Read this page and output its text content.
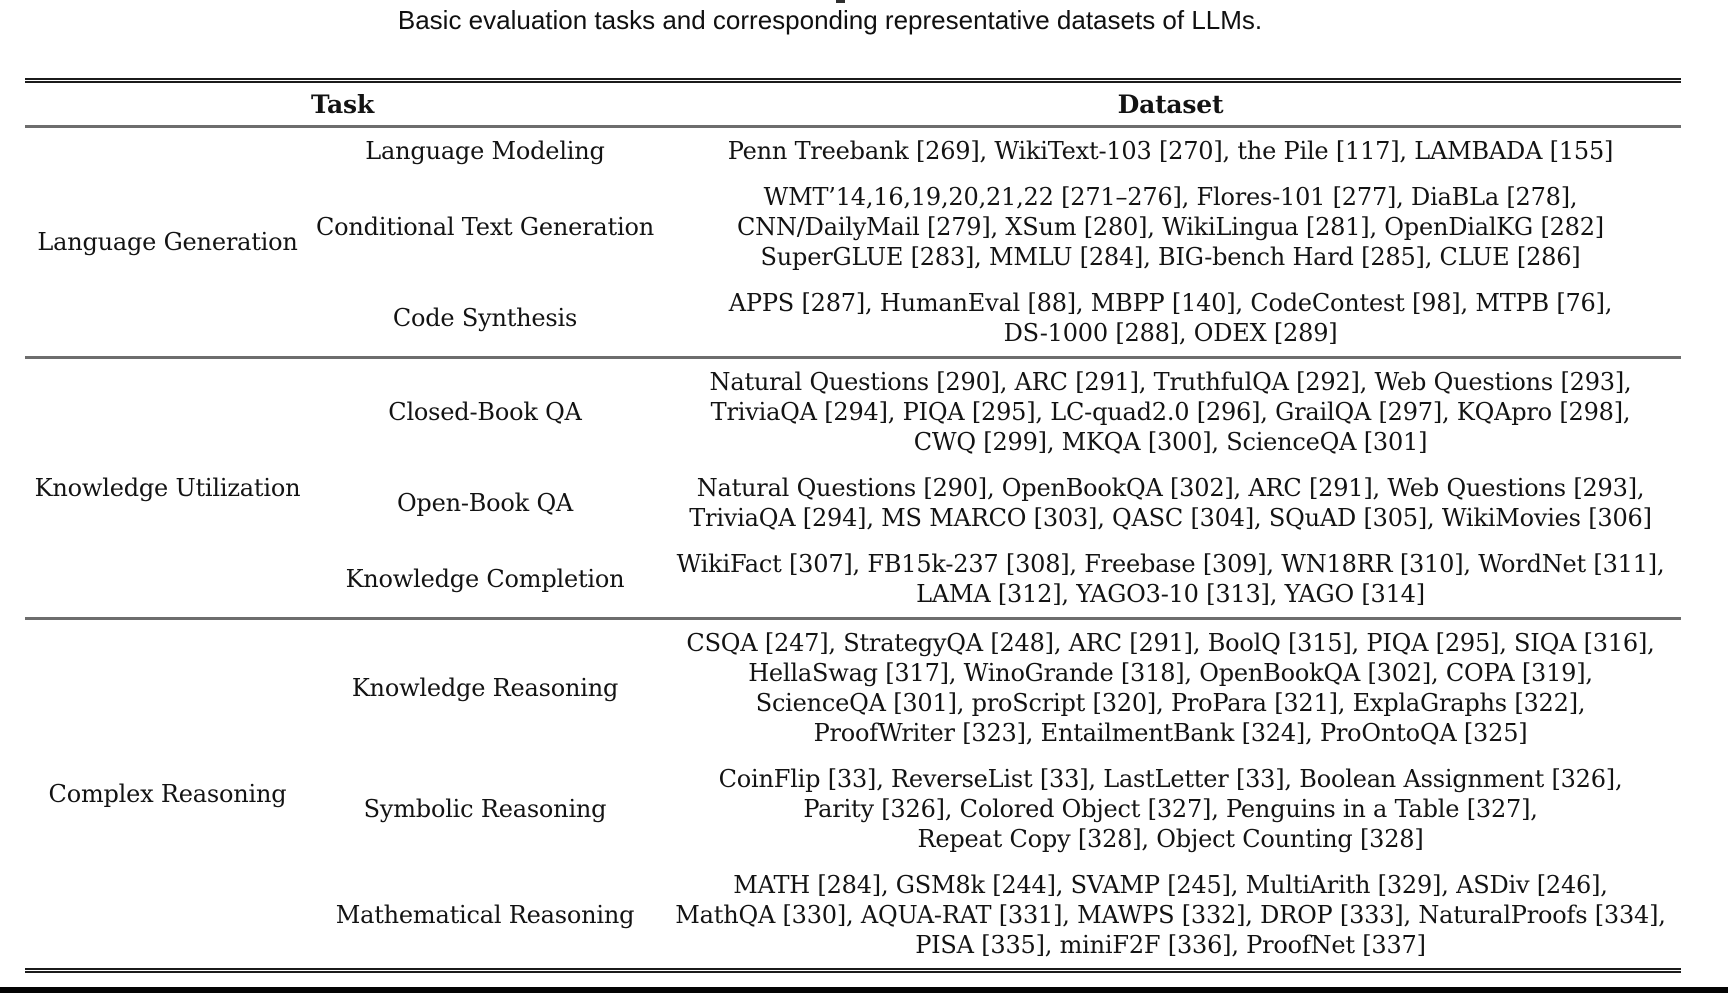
Basic evaluation tasks and corresponding representative datasets of LLMs.
Task	Dataset
Language Generation
Language Modeling	Penn Treebank [269], WikiText-103 [270], the Pile [117], LAMBADA [155]
Conditional Text Generation
WMT’14,16,19,20,21,22 [271–276], Flores-101 [277], DiaBLa [278],
CNN/DailyMail [279], XSum [280], WikiLingua [281], OpenDialKG [282]
SuperGLUE [283], MMLU [284], BIG-bench Hard [285], CLUE [286]
Code Synthesis
APPS [287], HumanEval [88], MBPP [140], CodeContest [98], MTPB [76],
DS-1000 [288], ODEX [289]
Knowledge Utilization
Closed-Book QA
Natural Questions [290], ARC [291], TruthfulQA [292], Web Questions [293],
TriviaQA [294], PIQA [295], LC-quad2.0 [296], GrailQA [297], KQApro [298],
CWQ [299], MKQA [300], ScienceQA [301]
Open-Book QA
Natural Questions [290], OpenBookQA [302], ARC [291], Web Questions [293],
TriviaQA [294], MS MARCO [303], QASC [304], SQuAD [305], WikiMovies [306]
Knowledge Completion
WikiFact [307], FB15k-237 [308], Freebase [309], WN18RR [310], WordNet [311],
LAMA [312], YAGO3-10 [313], YAGO [314]
Complex Reasoning
Knowledge Reasoning
CSQA [247], StrategyQA [248], ARC [291], BoolQ [315], PIQA [295], SIQA [316],
HellaSwag [317], WinoGrande [318], OpenBookQA [302], COPA [319],
ScienceQA [301], proScript [320], ProPara [321], ExplaGraphs [322],
ProofWriter [323], EntailmentBank [324], ProOntoQA [325]
Symbolic Reasoning
CoinFlip [33], ReverseList [33], LastLetter [33], Boolean Assignment [326],
Parity [326], Colored Object [327], Penguins in a Table [327],
Repeat Copy [328], Object Counting [328]
Mathematical Reasoning
MATH [284], GSM8k [244], SVAMP [245], MultiArith [329], ASDiv [246],
MathQA [330], AQUA-RAT [331], MAWPS [332], DROP [333], NaturalProofs [334],
PISA [335], miniF2F [336], ProofNet [337]
